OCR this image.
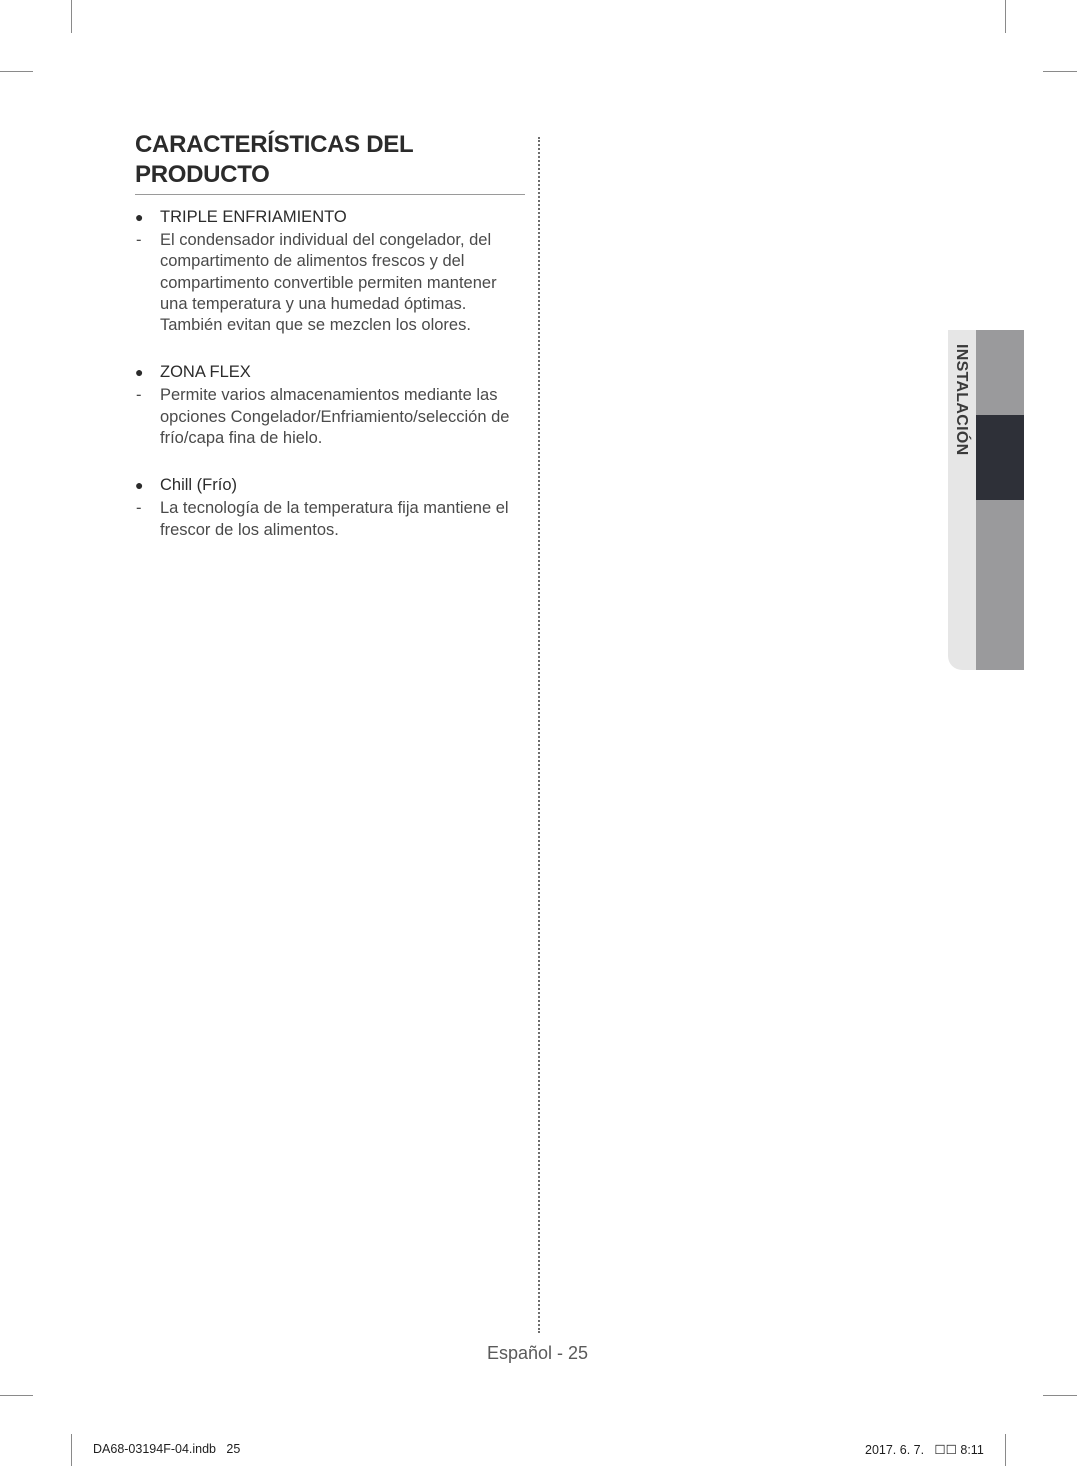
CARACTERÍSTICAS DEL
PRODUCTO
● TRIPLE ENFRIAMIENTO
- El condensador individual del congelador, del compartimento de alimentos frescos y del compartimento convertible permiten mantener una temperatura y una humedad óptimas. También evitan que se mezclen los olores.
● ZONA FLEX
- Permite varios almacenamientos mediante las opciones Congelador/Enfriamiento/selección de frío/capa fina de hielo.
● Chill (Frío)
- La tecnología de la temperatura fija mantiene el frescor de los alimentos.
INSTALACIÓN
Español - 25
DA68-03194F-04.indb   25	2017. 6. 7.   ☐☐ 8:11
